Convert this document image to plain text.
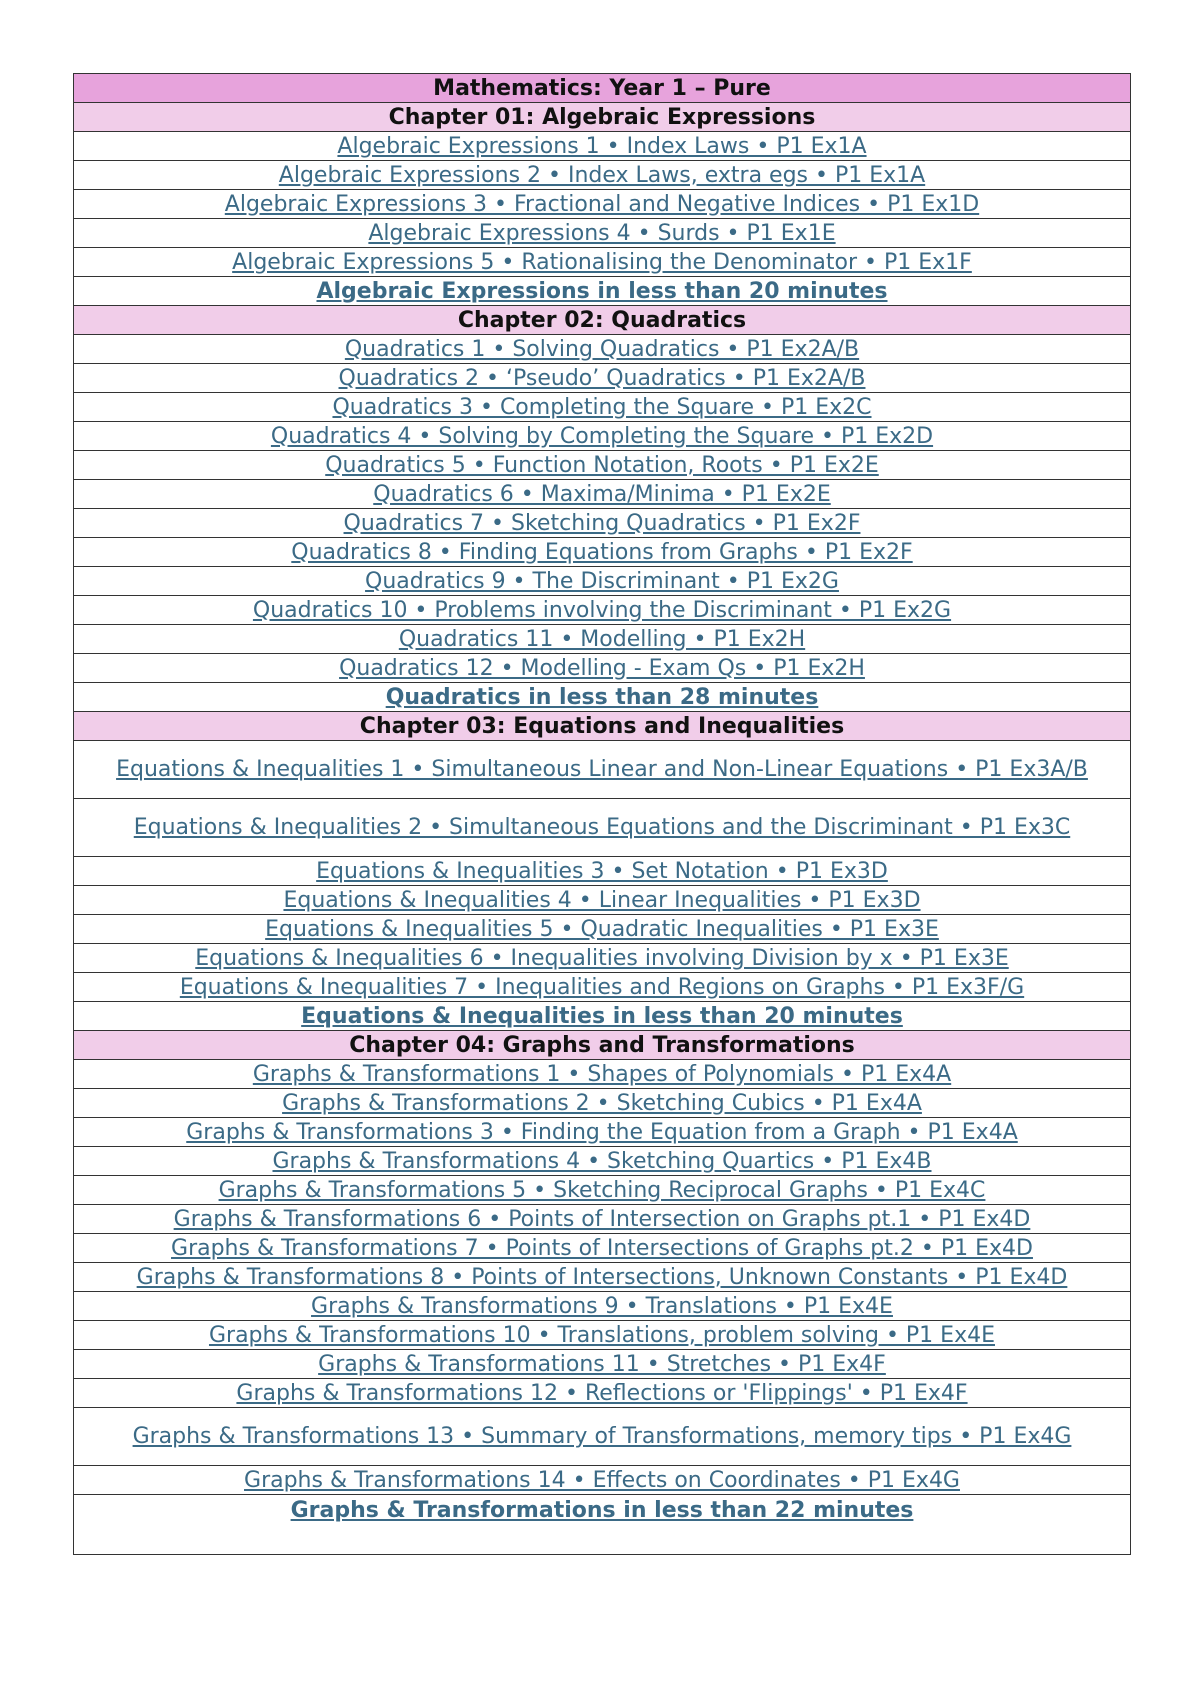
Mathematics: Year 1 – Pure
Chapter 01: Algebraic Expressions
Algebraic Expressions 1 • Index Laws • P1 Ex1A
Algebraic Expressions 2 • Index Laws, extra egs • P1 Ex1A
Algebraic Expressions 3 • Fractional and Negative Indices • P1 Ex1D
Algebraic Expressions 4 • Surds • P1 Ex1E
Algebraic Expressions 5 • Rationalising the Denominator • P1 Ex1F
Algebraic Expressions in less than 20 minutes
Chapter 02: Quadratics
Quadratics 1 • Solving Quadratics • P1 Ex2A/B
Quadratics 2 • ‘Pseudo’ Quadratics • P1 Ex2A/B
Quadratics 3 • Completing the Square • P1 Ex2C
Quadratics 4 • Solving by Completing the Square • P1 Ex2D
Quadratics 5 • Function Notation, Roots • P1 Ex2E
Quadratics 6 • Maxima/Minima • P1 Ex2E
Quadratics 7 • Sketching Quadratics • P1 Ex2F
Quadratics 8 • Finding Equations from Graphs • P1 Ex2F
Quadratics 9 • The Discriminant • P1 Ex2G
Quadratics 10 • Problems involving the Discriminant • P1 Ex2G
Quadratics 11 • Modelling • P1 Ex2H
Quadratics 12 • Modelling - Exam Qs • P1 Ex2H
Quadratics in less than 28 minutes
Chapter 03: Equations and Inequalities
Equations & Inequalities 1 • Simultaneous Linear and Non-Linear Equations • P1 Ex3A/B
Equations & Inequalities 2 • Simultaneous Equations and the Discriminant • P1 Ex3C
Equations & Inequalities 3 • Set Notation • P1 Ex3D
Equations & Inequalities 4 • Linear Inequalities • P1 Ex3D
Equations & Inequalities 5 • Quadratic Inequalities • P1 Ex3E
Equations & Inequalities 6 • Inequalities involving Division by x • P1 Ex3E
Equations & Inequalities 7 • Inequalities and Regions on Graphs • P1 Ex3F/G
Equations & Inequalities in less than 20 minutes
Chapter 04: Graphs and Transformations
Graphs & Transformations 1 • Shapes of Polynomials • P1 Ex4A
Graphs & Transformations 2 • Sketching Cubics • P1 Ex4A
Graphs & Transformations 3 • Finding the Equation from a Graph • P1 Ex4A
Graphs & Transformations 4 • Sketching Quartics • P1 Ex4B
Graphs & Transformations 5 • Sketching Reciprocal Graphs • P1 Ex4C
Graphs & Transformations 6 • Points of Intersection on Graphs pt.1 • P1 Ex4D
Graphs & Transformations 7 • Points of Intersections of Graphs pt.2 • P1 Ex4D
Graphs & Transformations 8 • Points of Intersections, Unknown Constants • P1 Ex4D
Graphs & Transformations 9 • Translations • P1 Ex4E
Graphs & Transformations 10 • Translations, problem solving • P1 Ex4E
Graphs & Transformations 11 • Stretches • P1 Ex4F
Graphs & Transformations 12 • Reflections or 'Flippings' • P1 Ex4F
Graphs & Transformations 13 • Summary of Transformations, memory tips • P1 Ex4G
Graphs & Transformations 14 • Effects on Coordinates • P1 Ex4G
Graphs & Transformations in less than 22 minutes
